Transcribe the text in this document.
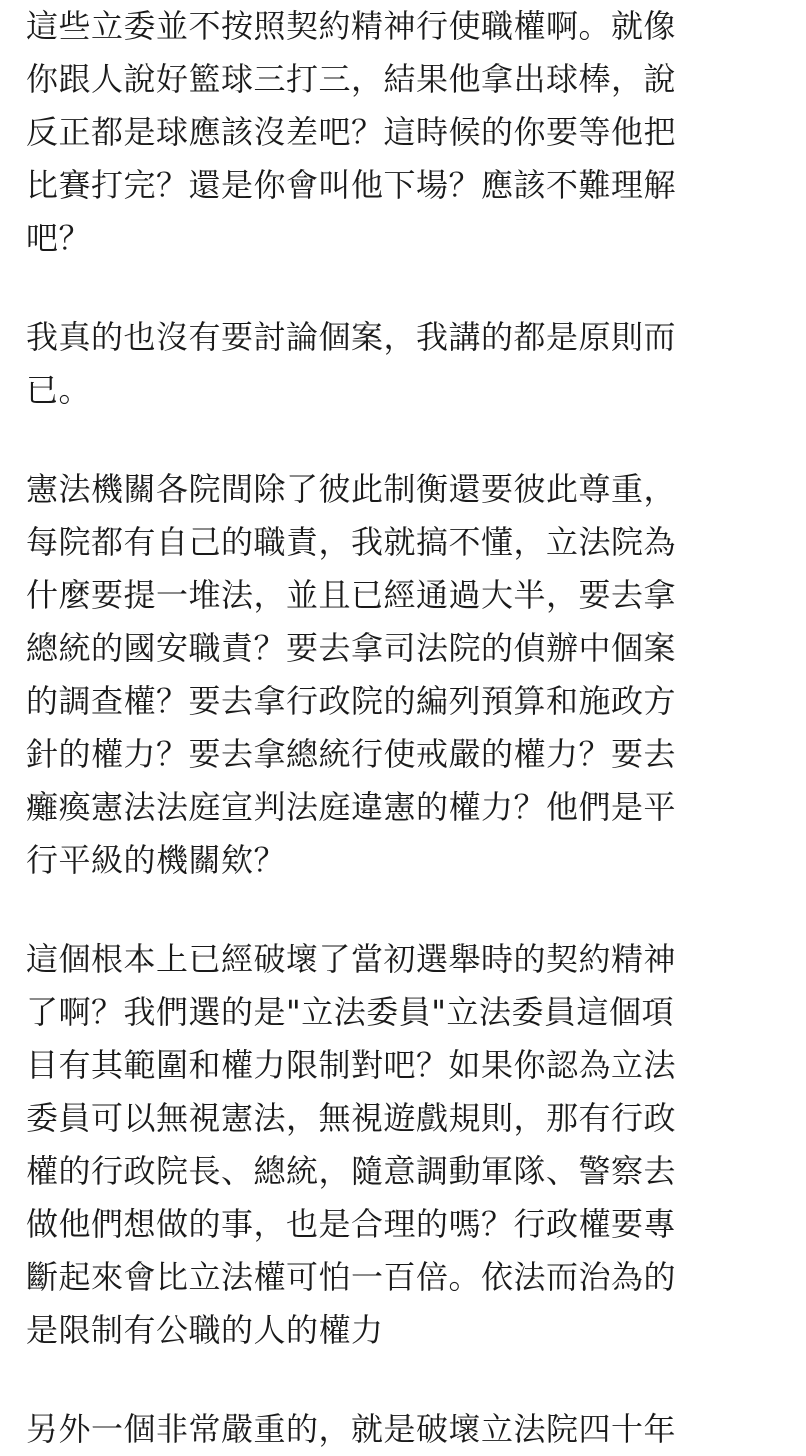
這些立委並不按照契約精神行使職權啊。就像
你跟人說好籃球三打三，結果他拿出球棒，說
反正都是球應該沒差吧？這時候的你要等他把
比賽打完？還是你會叫他下場？應該不難理解
吧？
我真的也沒有要討論個案，我講的都是原則而
已。
憲法機關各院間除了彼此制衡還要彼此尊重，
每院都有自己的職責，我就搞不懂，立法院為
什麼要提一堆法，並且已經通過大半，要去拿
總統的國安職責？要去拿司法院的偵辦中個案
的調查權？要去拿行政院的編列預算和施政方
針的權力？要去拿總統行使戒嚴的權力？要去
癱瘓憲法法庭宣判法庭違憲的權力？他們是平
行平級的機關欸？
這個根本上已經破壞了當初選舉時的契約精神
了啊？我們選的是"立法委員"立法委員這個項
目有其範圍和權力限制對吧？如果你認為立法
委員可以無視憲法，無視遊戲規則，那有行政
權的行政院長、總統，隨意調動軍隊、警察去
做他們想做的事，也是合理的嗎？行政權要專
斷起來會比立法權可怕一百倍。依法而治為的
是限制有公職的人的權力
另外一個非常嚴重的，就是破壞立法院四十年
